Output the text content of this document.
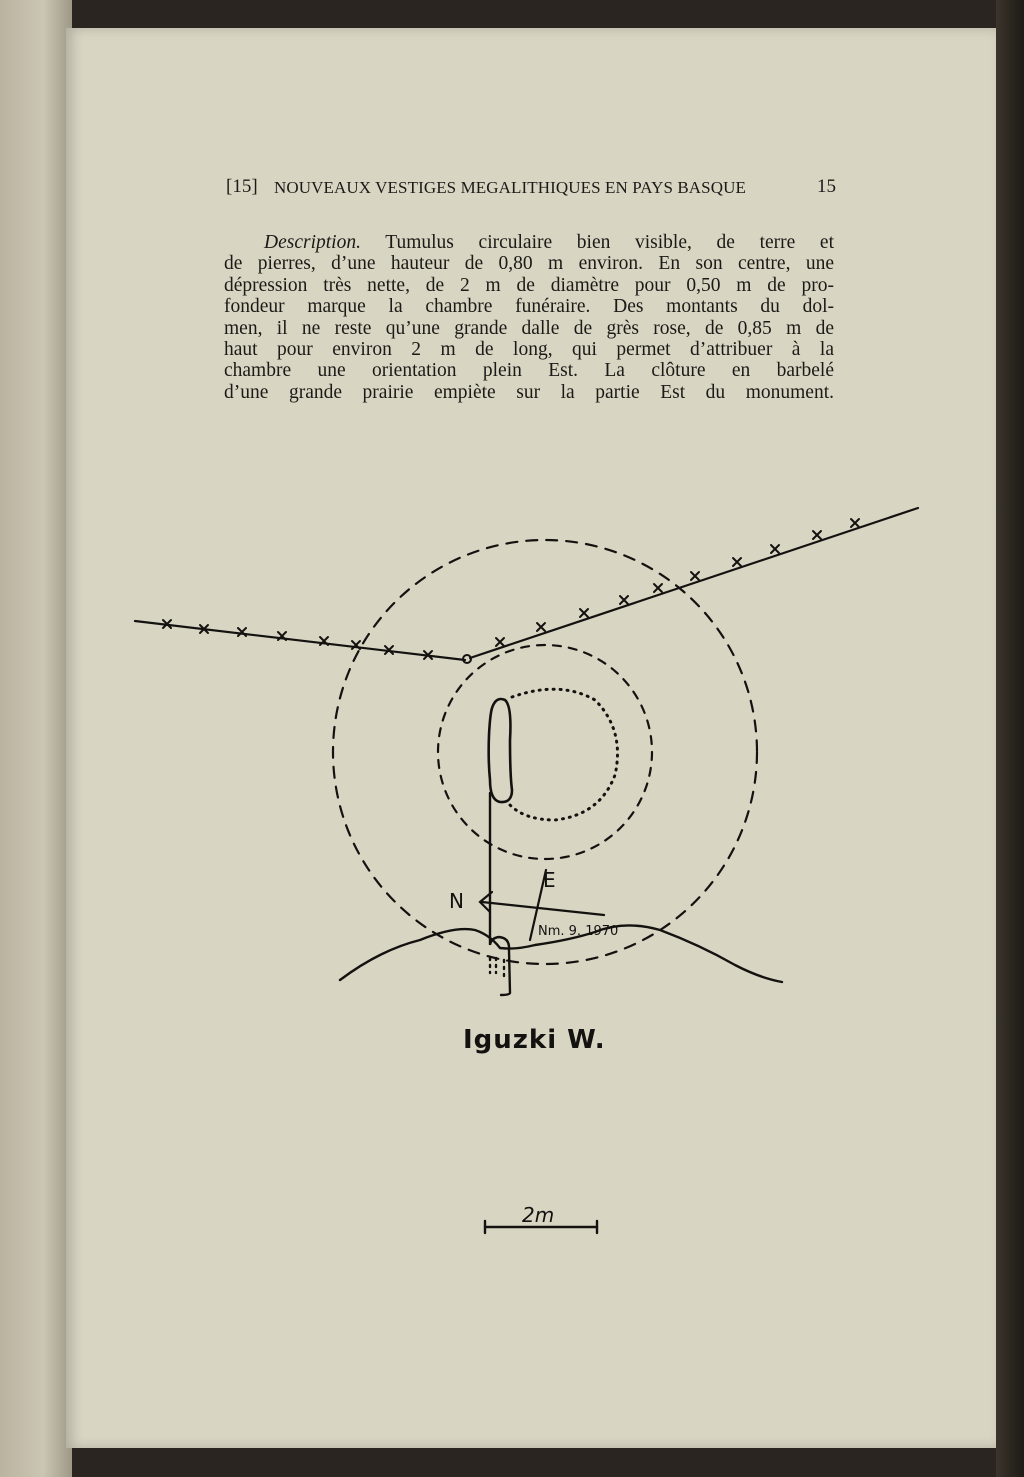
[15] NOUVEAUX VESTIGES MEGALITHIQUES EN PAYS BASQUE	15
Description. Tumulus circulaire bien visible, de terre et
de pierres, d’une hauteur de 0,80 m environ. En son centre, une
dépression très nette, de 2 m de diamètre pour 0,50 m de pro-
fondeur marque la chambre funéraire. Des montants du dol-
men, il ne reste qu’une grande dalle de grès rose, de 0,85 m de
haut pour environ 2 m de long, qui permet d’attribuer à la
chambre une orientation plein Est. La clôture en barbelé
d’une grande prairie empiète sur la partie Est du monument.
N
E
Nm. 9. 1970
Iguzki W.
2m
